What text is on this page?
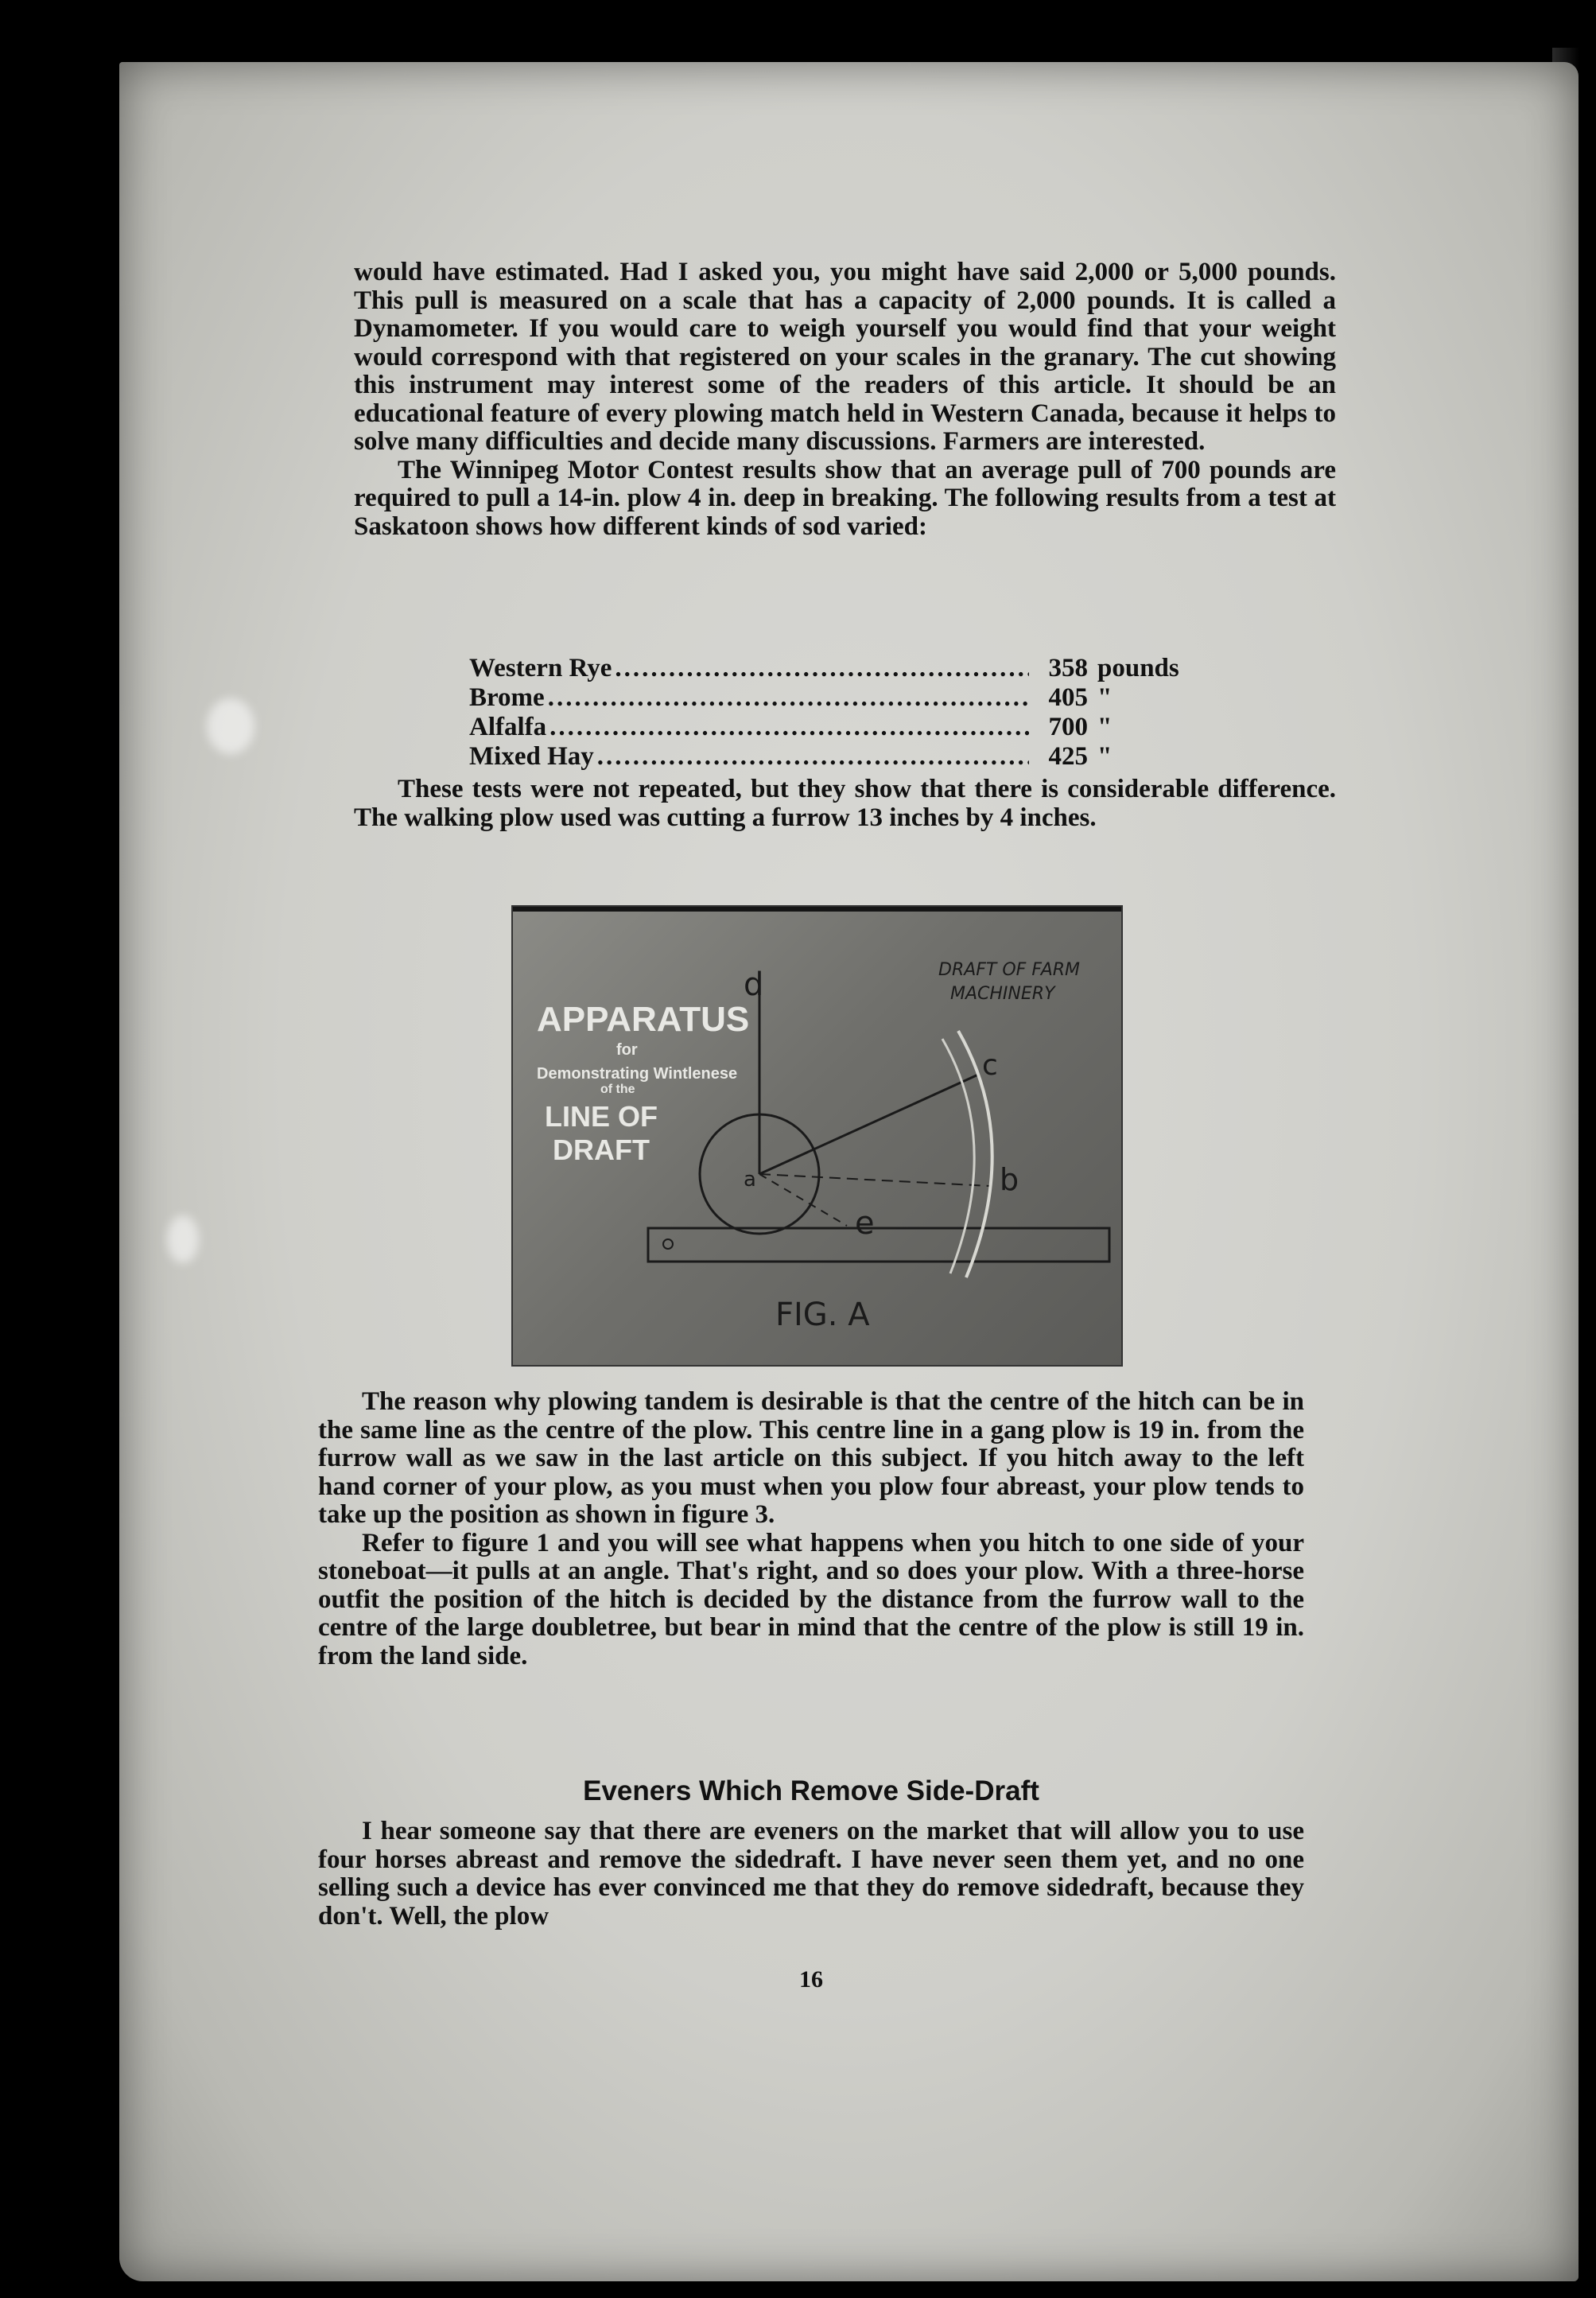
would have estimated. Had I asked you, you might have said 2,000 or 5,000 pounds. This pull is measured on a scale that has a capacity of 2,000 pounds. It is called a Dynamometer. If you would care to weigh yourself you would find that your weight would correspond with that registered on your scales in the granary. The cut showing this instrument may interest some of the readers of this article. It should be an educational feature of every plowing match held in Western Canada, because it helps to solve many difficulties and decide many discussions. Farmers are interested.

The Winnipeg Motor Contest results show that an average pull of 700 pounds are required to pull a 14-in. plow 4 in. deep in breaking. The following results from a test at Saskatoon shows how different kinds of sod varied:

Western Rye .....	358 pounds
Brome .....	405 "
Alfalfa .....	700 "
Mixed Hay .....	425 "

These tests were not repeated, but they show that there is considerable difference. The walking plow used was cutting a furrow 13 inches by 4 inches.

d
c
b
a
e
APPARATUS
for
Demonstrating Wintlenese
of the
LINE OF
DRAFT
DRAFT OF FARM
MACHINERY
FIG. A

The reason why plowing tandem is desirable is that the centre of the hitch can be in the same line as the centre of the plow. This centre line in a gang plow is 19 in. from the furrow wall as we saw in the last article on this subject. If you hitch away to the left hand corner of your plow, as you must when you plow four abreast, your plow tends to take up the position as shown in figure 3.

Refer to figure 1 and you will see what happens when you hitch to one side of your stoneboat—it pulls at an angle. That's right, and so does your plow. With a three-horse outfit the position of the hitch is decided by the distance from the furrow wall to the centre of the large doubletree, but bear in mind that the centre of the plow is still 19 in. from the land side.

Eveners Which Remove Side-Draft

I hear someone say that there are eveners on the market that will allow you to use four horses abreast and remove the sidedraft. I have never seen them yet, and no one selling such a device has ever convinced me that they do remove sidedraft, because they don't. Well, the plow

16
